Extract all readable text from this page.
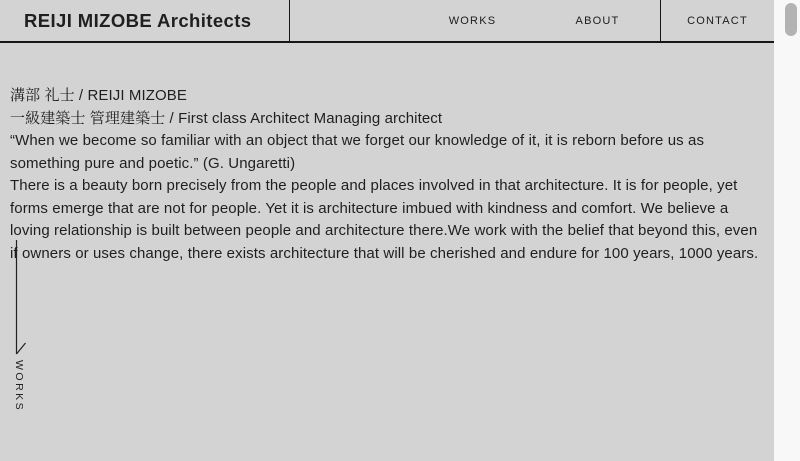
REIJI MIZOBE Architects	WORKS	ABOUT	CONTACT

溝部 礼士 / REIJI MIZOBE

一級建築士 管理建築士 / First class Architect Managing architect

“When we become so familiar with an object that we forget our knowledge of it, it is reborn before us as something pure and poetic.” (G. Ungaretti)

There is a beauty born precisely from the people and places involved in that architecture. It is for people, yet forms emerge that are not for people. Yet it is architecture imbued with kindness and comfort. We believe a loving relationship is built between people and architecture there.We work with the belief that beyond this, even if owners or uses change, there exists architecture that will be cherished and endure for 100 years, 1000 years.

WORKS
